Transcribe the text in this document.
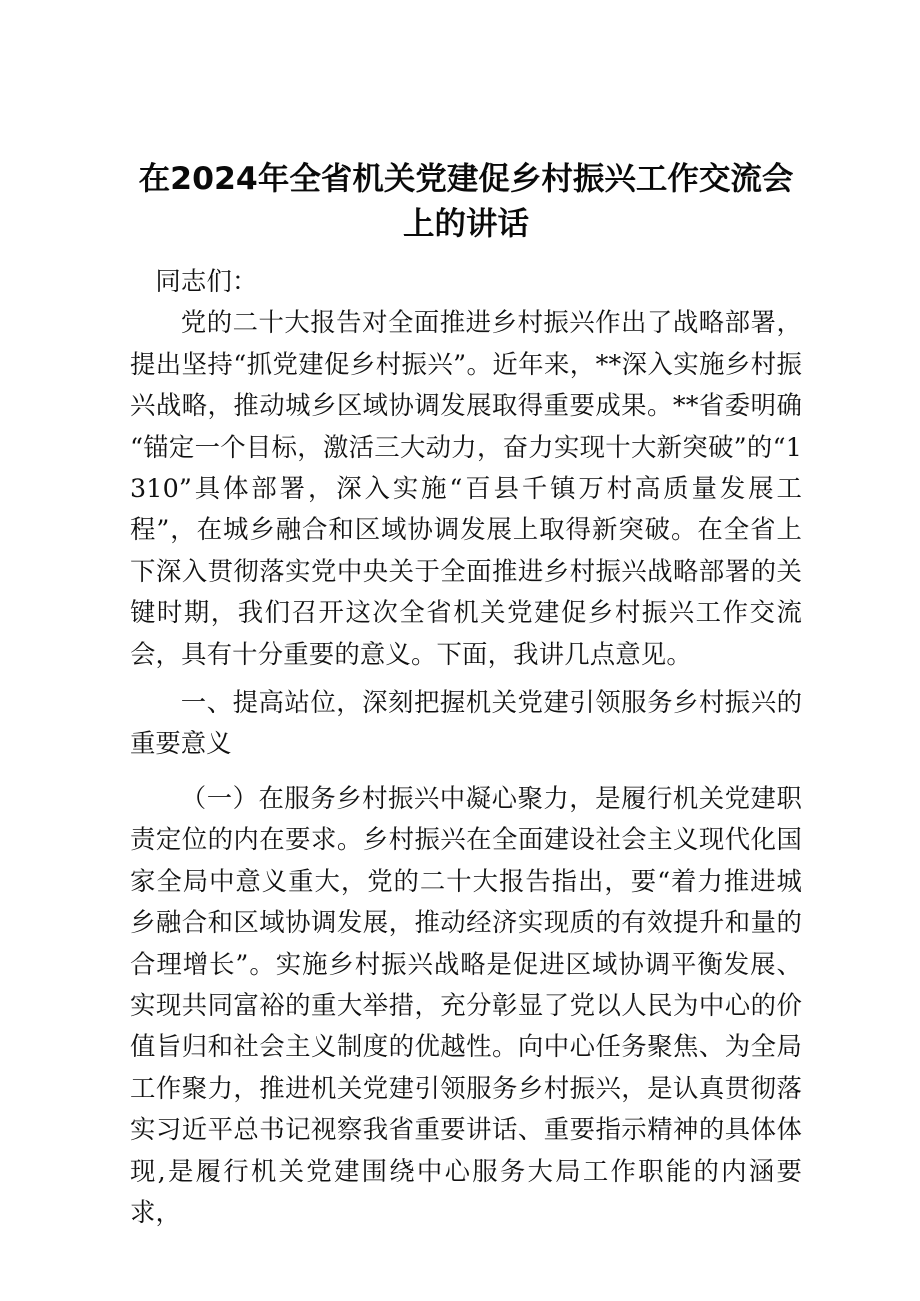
在2024年全省机关党建促乡村振兴工作交流会上的讲话

同志们：

党的二十大报告对全面推进乡村振兴作出了战略部署，提出坚持“抓党建促乡村振兴”。近年来，**深入实施乡村振兴战略，推动城乡区域协调发展取得重要成果。**省委明确“锚定一个目标，激活三大动力，奋力实现十大新突破”的“1310”具体部署，深入实施“百县千镇万村高质量发展工程”，在城乡融合和区域协调发展上取得新突破。在全省上下深入贯彻落实党中央关于全面推进乡村振兴战略部署的关键时期，我们召开这次全省机关党建促乡村振兴工作交流会，具有十分重要的意义。下面，我讲几点意见。

一、提高站位，深刻把握机关党建引领服务乡村振兴的重要意义

（一）在服务乡村振兴中凝心聚力，是履行机关党建职责定位的内在要求。乡村振兴在全面建设社会主义现代化国家全局中意义重大，党的二十大报告指出，要“着力推进城乡融合和区域协调发展，推动经济实现质的有效提升和量的合理增长”。实施乡村振兴战略是促进区域协调平衡发展、实现共同富裕的重大举措，充分彰显了党以人民为中心的价值旨归和社会主义制度的优越性。向中心任务聚焦、为全局工作聚力，推进机关党建引领服务乡村振兴，是认真贯彻落实习近平总书记视察我省重要讲话、重要指示精神的具体体现,是履行机关党建围绕中心服务大局工作职能的内涵要求，
